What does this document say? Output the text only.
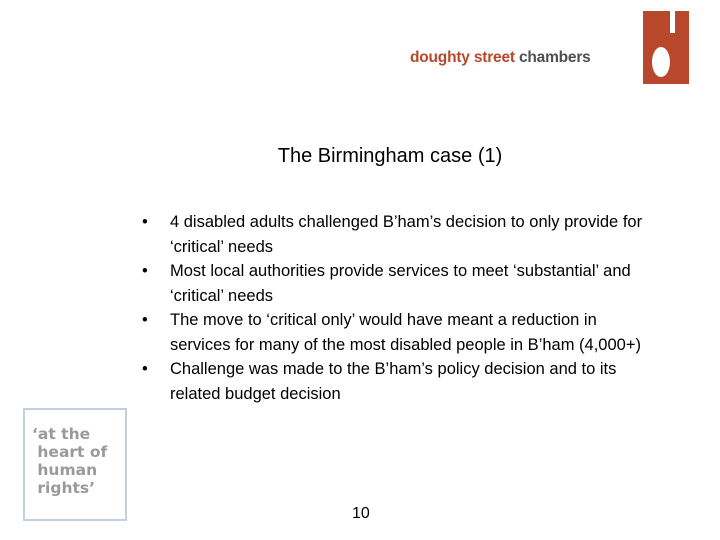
doughty street chambers
The Birmingham case (1)
• 4 disabled adults challenged B’ham’s decision to only provide for ‘critical’ needs
• Most local authorities provide services to meet ‘substantial’ and ‘critical’ needs
• The move to ‘critical only’ would have meant a reduction in services for many of the most disabled people in B’ham (4,000+)
• Challenge was made to the B’ham’s policy decision and to its related budget decision
‘at the
heart of
human
rights’
10
